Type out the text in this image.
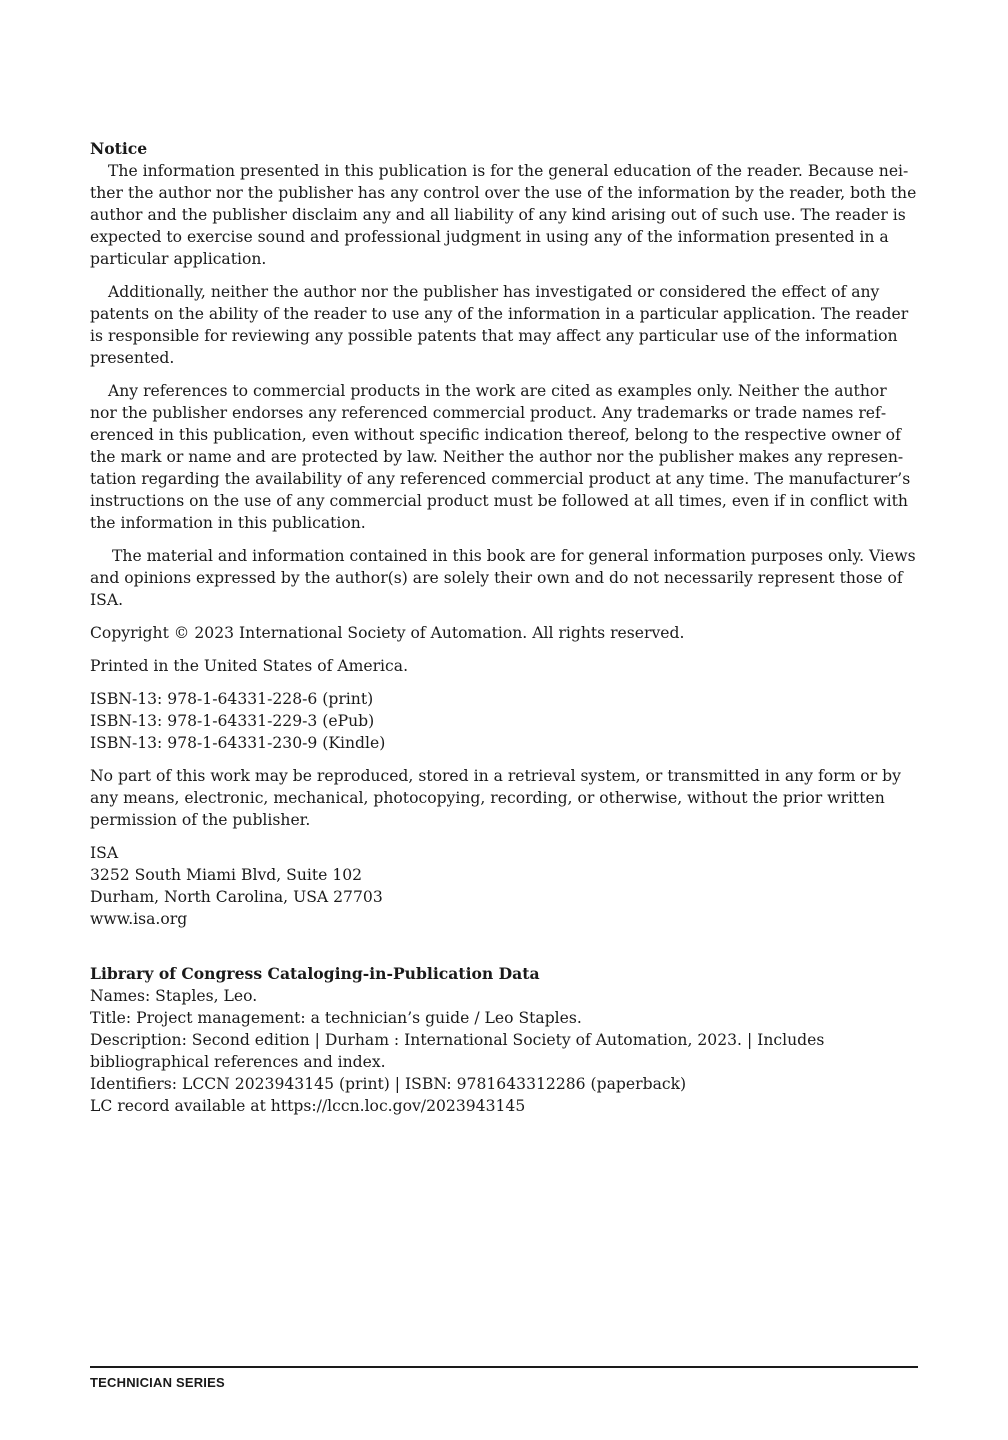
Notice
The information presented in this publication is for the general education of the reader. Because neither the author nor the publisher has any control over the use of the information by the reader, both the author and the publisher disclaim any and all liability of any kind arising out of such use. The reader is expected to exercise sound and professional judgment in using any of the information presented in a particular application.

Additionally, neither the author nor the publisher has investigated or considered the effect of any patents on the ability of the reader to use any of the information in a particular application. The reader is responsible for reviewing any possible patents that may affect any particular use of the information presented.

Any references to commercial products in the work are cited as examples only. Neither the author nor the publisher endorses any referenced commercial product. Any trademarks or trade names referenced in this publication, even without specific indication thereof, belong to the respective owner of the mark or name and are protected by law. Neither the author nor the publisher makes any representation regarding the availability of any referenced commercial product at any time. The manufacturer’s instructions on the use of any commercial product must be followed at all times, even if in conflict with the information in this publication.

The material and information contained in this book are for general information purposes only. Views and opinions expressed by the author(s) are solely their own and do not necessarily represent those of ISA.

Copyright © 2023 International Society of Automation. All rights reserved.

Printed in the United States of America.

ISBN-13: 978-1-64331-228-6 (print)
ISBN-13: 978-1-64331-229-3 (ePub)
ISBN-13: 978-1-64331-230-9 (Kindle)

No part of this work may be reproduced, stored in a retrieval system, or transmitted in any form or by any means, electronic, mechanical, photocopying, recording, or otherwise, without the prior written permission of the publisher.

ISA
3252 South Miami Blvd, Suite 102
Durham, North Carolina, USA 27703
www.isa.org
Library of Congress Cataloging-in-Publication Data
Names: Staples, Leo.
Title: Project management: a technician’s guide / Leo Staples.
Description: Second edition | Durham : International Society of Automation, 2023. | Includes bibliographical references and index.
Identifiers: LCCN 2023943145 (print) | ISBN: 9781643312286 (paperback)
LC record available at https://lccn.loc.gov/2023943145
TECHNICIAN SERIES
